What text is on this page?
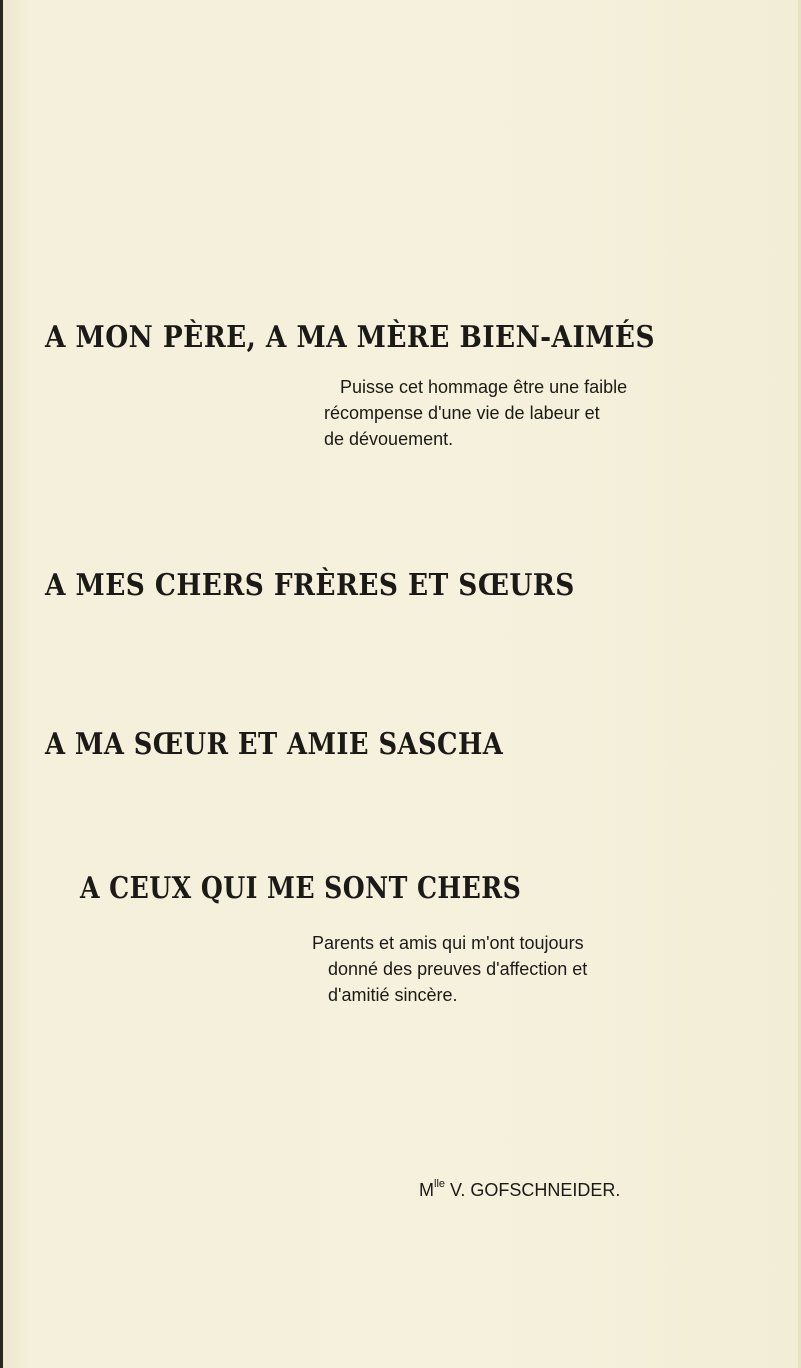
A MON PÈRE, A MA MÈRE BIEN-AIMÉS
Puisse cet hommage être une faible
récompense d'une vie de labeur et
de dévouement.
A MES CHERS FRÈRES ET SŒURS
A MA SŒUR ET AMIE SASCHA
A CEUX QUI ME SONT CHERS
Parents et amis qui m'ont toujours
donné des preuves d'affection et
d'amitié sincère.
$M^{lle}$ V. GOFSCHNEIDER.
